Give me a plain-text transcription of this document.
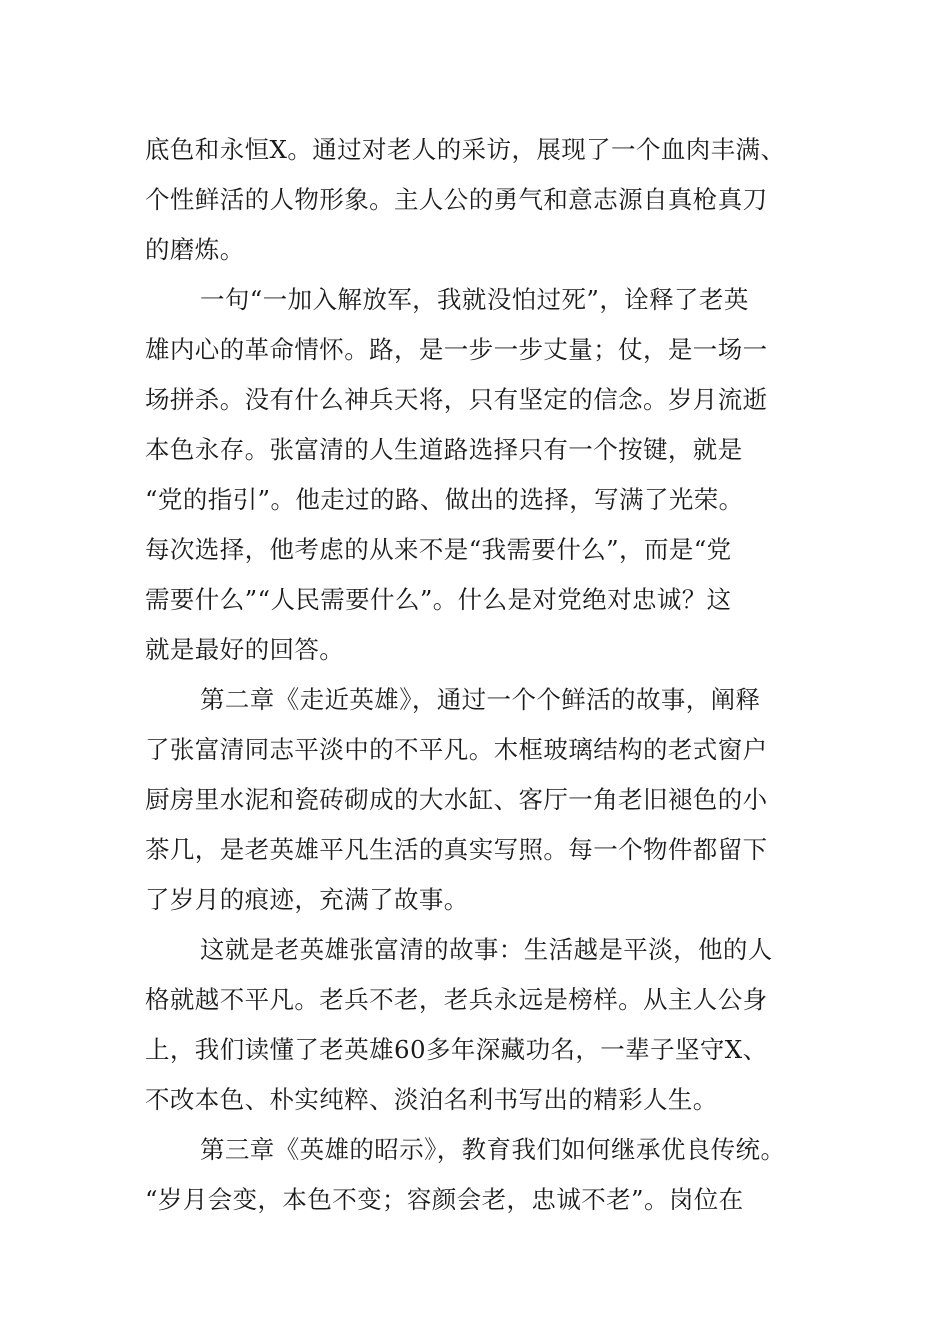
底色和永恒X。通过对老人的采访，展现了一个血肉丰满、

个性鲜活的人物形象。主人公的勇气和意志源自真枪真刀

的磨炼。

一句“一加入解放军，我就没怕过死”，诠释了老英

雄内心的革命情怀。路，是一步一步丈量；仗，是一场一

场拼杀。没有什么神兵天将，只有坚定的信念。岁月流逝

本色永存。张富清的人生道路选择只有一个按键，就是

“党的指引”。他走过的路、做出的选择，写满了光荣。

每次选择，他考虑的从来不是“我需要什么”，而是“党

需要什么”“人民需要什么”。什么是对党绝对忠诚？这

就是最好的回答。

第二章《走近英雄》，通过一个个鲜活的故事，阐释

了张富清同志平淡中的不平凡。木框玻璃结构的老式窗户

厨房里水泥和瓷砖砌成的大水缸、客厅一角老旧褪色的小

茶几，是老英雄平凡生活的真实写照。每一个物件都留下

了岁月的痕迹，充满了故事。

这就是老英雄张富清的故事：生活越是平淡，他的人

格就越不平凡。老兵不老，老兵永远是榜样。从主人公身

上，我们读懂了老英雄60多年深藏功名，一辈子坚守X、

不改本色、朴实纯粹、淡泊名利书写出的精彩人生。

第三章《英雄的昭示》，教育我们如何继承优良传统。

“岁月会变，本色不变；容颜会老，忠诚不老”。岗位在
